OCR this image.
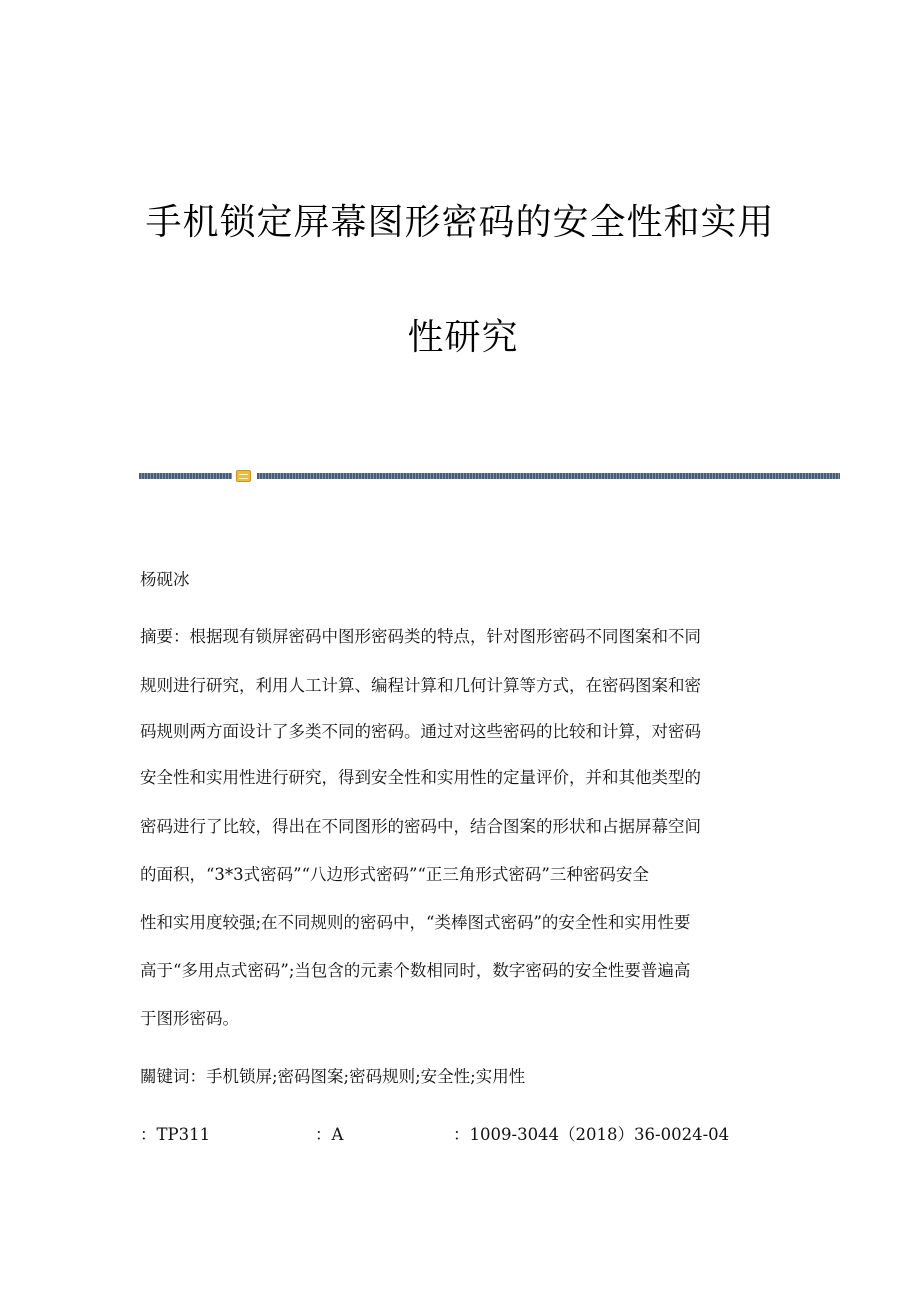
手机锁定屏幕图形密码的安全性和实用
性研究
杨砚冰
摘要：根据现有锁屏密码中图形密码类的特点，针对图形密码不同图案和不同
规则进行研究，利用人工计算、编程计算和几何计算等方式，在密码图案和密
码规则两方面设计了多类不同的密码。通过对这些密码的比较和计算，对密码
安全性和实用性进行研究，得到安全性和实用性的定量评价，并和其他类型的
密码进行了比较，得出在不同图形的密码中，结合图案的形状和占据屏幕空间
的面积，“3*3式密码”“八边形式密码”“正三角形式密码”三种密码安全
性和实用度较强;在不同规则的密码中，“类棒图式密码”的安全性和实用性要
高于“多用点式密码”;当包含的元素个数相同时，数字密码的安全性要普遍高
于图形密码。
關键词：手机锁屏;密码图案;密码规则;安全性;实用性
：TP311	：A	：1009-3044（2018）36-0024-04
